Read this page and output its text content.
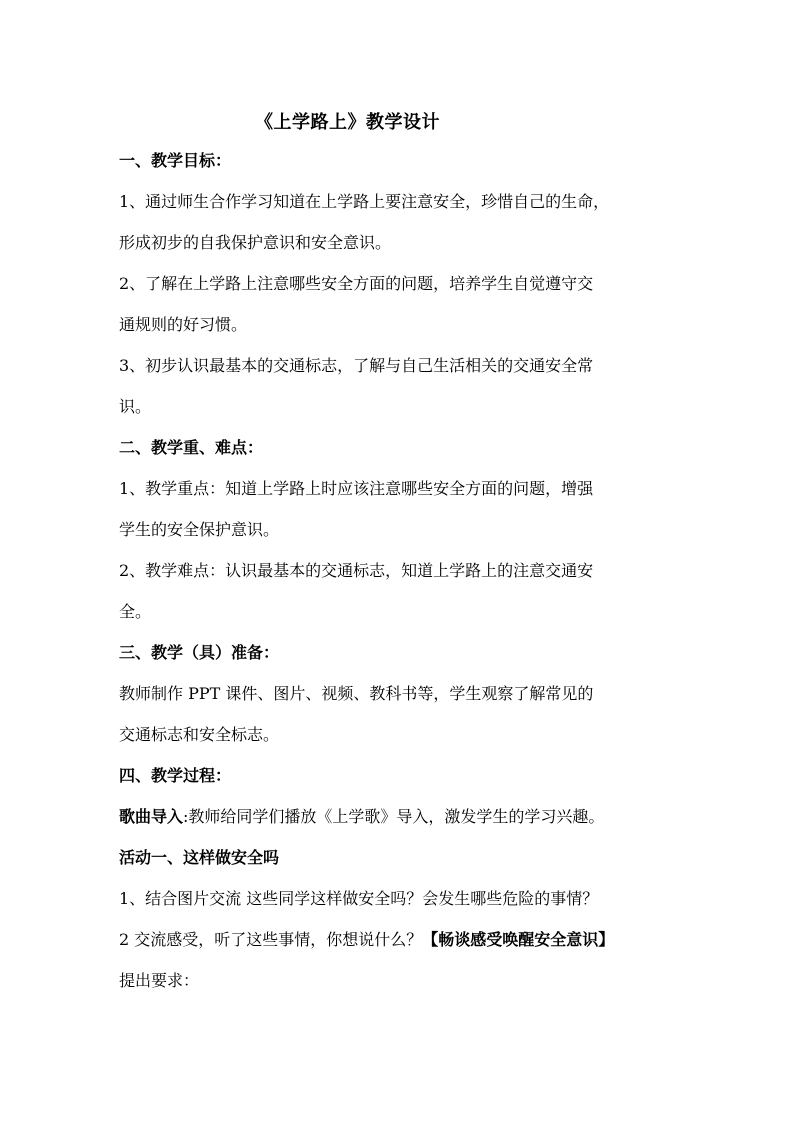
《上学路上》教学设计
一、教学目标：
1、通过师生合作学习知道在上学路上要注意安全，珍惜自己的生命，
形成初步的自我保护意识和安全意识。
2、了解在上学路上注意哪些安全方面的问题，培养学生自觉遵守交
通规则的好习惯。
3、初步认识最基本的交通标志，了解与自己生活相关的交通安全常
识。
二、教学重、难点：
1、教学重点：知道上学路上时应该注意哪些安全方面的问题，增强
学生的安全保护意识。
2、教学难点：认识最基本的交通标志，知道上学路上的注意交通安
全。
三、教学（具）准备：
教师制作 PPT 课件、图片、视频、教科书等，学生观察了解常见的
交通标志和安全标志。
四、教学过程：
歌曲导入:教师给同学们播放《上学歌》导入，激发学生的学习兴趣。
活动一、这样做安全吗
1、结合图片交流 这些同学这样做安全吗？会发生哪些危险的事情？
2 交流感受，听了这些事情，你想说什么？【畅谈感受唤醒安全意识】
提出要求：
